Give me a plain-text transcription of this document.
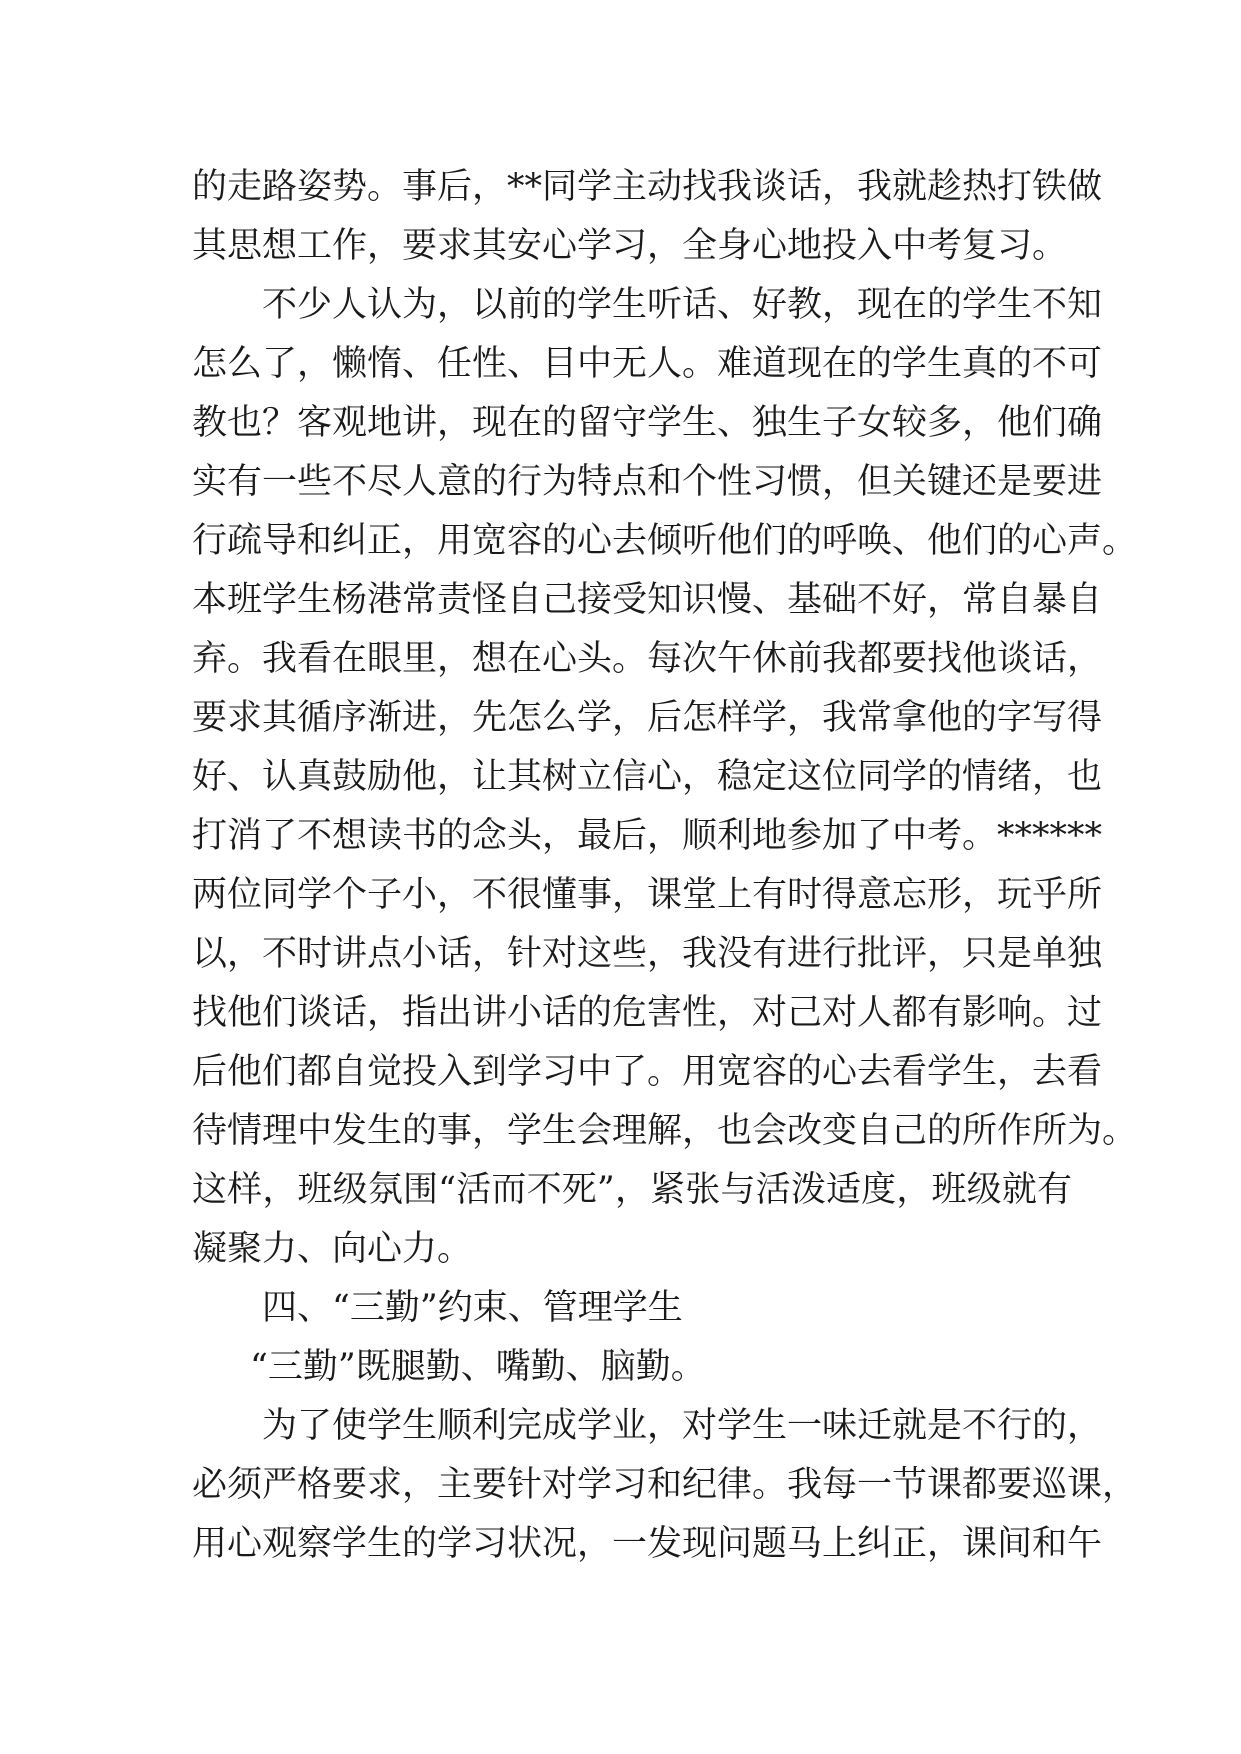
的走路姿势。事后，**同学主动找我谈话，我就趁热打铁做
其思想工作，要求其安心学习，全身心地投入中考复习。
不少人认为，以前的学生听话、好教，现在的学生不知
怎么了，懒惰、任性、目中无人。难道现在的学生真的不可
教也？客观地讲，现在的留守学生、独生子女较多，他们确
实有一些不尽人意的行为特点和个性习惯，但关键还是要进
行疏导和纠正，用宽容的心去倾听他们的呼唤、他们的心声。
本班学生杨港常责怪自己接受知识慢、基础不好，常自暴自
弃。我看在眼里，想在心头。每次午休前我都要找他谈话，
要求其循序渐进，先怎么学，后怎样学，我常拿他的字写得
好、认真鼓励他，让其树立信心，稳定这位同学的情绪，也
打消了不想读书的念头，最后，顺利地参加了中考。******
两位同学个子小，不很懂事，课堂上有时得意忘形，玩乎所
以，不时讲点小话，针对这些，我没有进行批评，只是单独
找他们谈话，指出讲小话的危害性，对己对人都有影响。过
后他们都自觉投入到学习中了。用宽容的心去看学生，去看
待情理中发生的事，学生会理解，也会改变自己的所作所为。
这样，班级氛围“活而不死”，紧张与活泼适度，班级就有
凝聚力、向心力。
四、“三勤”约束、管理学生
“三勤”既腿勤、嘴勤、脑勤。
为了使学生顺利完成学业，对学生一味迁就是不行的，
必须严格要求，主要针对学习和纪律。我每一节课都要巡课，
用心观察学生的学习状况，一发现问题马上纠正，课间和午
